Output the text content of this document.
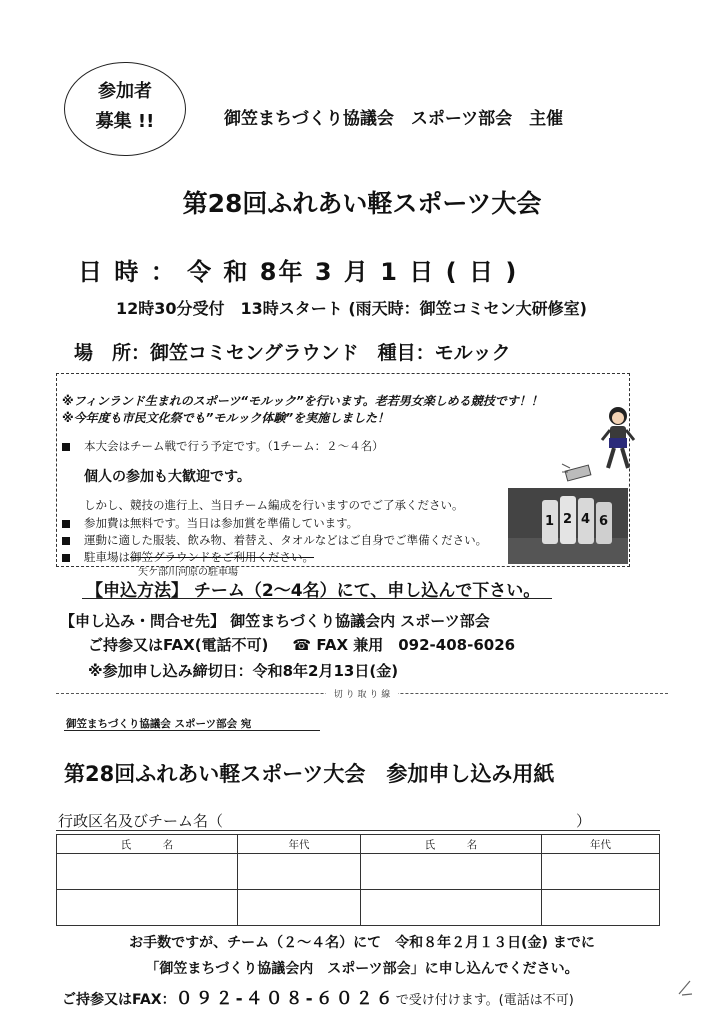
参加者
募集 !!	御笠まちづくり協議会　スポーツ部会　主催
第28回ふれあい軽スポーツ大会
日 時 ： 令 和 8年 3 月 1 日 ( 日 )
12時30分受付　13時スタート (雨天時：御笠コミセン大研修室)
場　所：御笠コミセングラウンド　種目：モルック
※フィンランド生まれのスポーツ“モルック”を行います。老若男女楽しめる競技です！！
※今年度も市民文化祭でも”モルック体験”を実施しました！
本大会はチーム戦で行う予定です。（1チーム：２～４名）
個人の参加も大歓迎です。
しかし、競技の進行上、当日チーム編成を行いますのでご了承ください。
参加費は無料です。当日は参加賞を準備しています。
運動に適した服装、飲み物、着替え、タオルなどはご自身でご準備ください。
駐車場は御笠グラウンドをご利用ください。
矢ケ部川河原の駐車場
1 2 4 6
【申込方法】 チーム（2～4名）にて、申し込んで下さい。
【申し込み・問合せ先】 御笠まちづくり協議会内 スポーツ部会
ご持参又はFAX(電話不可) ☎ FAX 兼用　092-408-6026
※参加申し込み締切日：令和8年2月13日(金)
切 り 取 り 線
御笠まちづくり協議会 スポーツ部会 宛
第28回ふれあい軽スポーツ大会　参加申し込み用紙
行政区名及びチーム名（	）
氏　　　名	年代	氏　　　名	年代

お手数ですが、チーム（２～４名）にて　令和８年２月１３日(金) までに
「御笠まちづくり協議会内　スポーツ部会」に申し込んでください。
ご持参又はFAX：０９２-４０８-６０２６で受け付けます。(電話は不可)
